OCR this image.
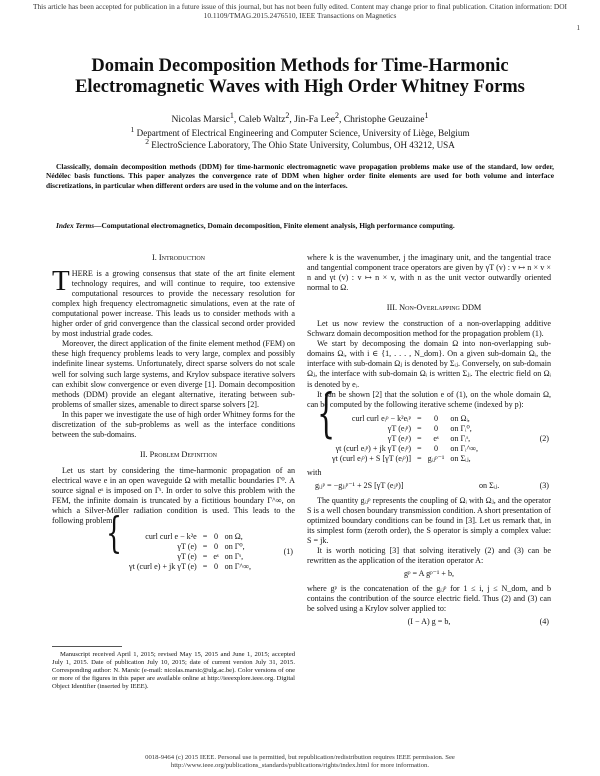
This article has been accepted for publication in a future issue of this journal, but has not been fully edited. Content may change prior to final publication. Citation information: DOI
10.1109/TMAG.2015.2476510, IEEE Transactions on Magnetics
1
Domain Decomposition Methods for Time-Harmonic Electromagnetic Waves with High Order Whitney Forms
Nicolas Marsic$^1$, Caleb Waltz$^2$, Jin-Fa Lee$^2$, Christophe Geuzaine$^1$
$^1$ Department of Electrical Engineering and Computer Science, University of Liège, Belgium
$^2$ ElectroScience Laboratory, The Ohio State University, Columbus, OH 43212, USA
Classically, domain decomposition methods (DDM) for time-harmonic electromagnetic wave propagation problems make use of the standard, low order, Nédélec basis functions. This paper analyzes the convergence rate of DDM when higher order finite elements are used for both volume and interface discretizations, in particular when different orders are used in the volume and on the interfaces.
Index Terms—Computational electromagnetics, Domain decomposition, Finite element analysis, High performance computing.

I. Introduction

THERE is a growing consensus that state of the art finite element technology requires, and will continue to require, too extensive computational resources to provide the necessary resolution for complex high frequency electromagnetic simulations, even at the rate of computational power increase. This leads us to consider methods with a higher order of grid convergence than the classical second order provided by most industrial grade codes.

Moreover, the direct application of the finite element method (FEM) on these high frequency problems leads to very large, complex and possibly indefinite linear systems. Unfortunately, direct sparse solvers do not scale well for solving such large systems, and Krylov subspace iterative solvers can exhibit slow convergence or even diverge [1]. Domain decomposition methods (DDM) provide an elegant alternative, iterating between sub-problems of smaller sizes, amenable to direct sparse solvers [2].

In this paper we investigate the use of high order Whitney forms for the discretization of the sub-problems as well as the interface conditions between the sub-domains.

II. Problem Definition

Let us start by considering the time-harmonic propagation of an electrical wave e in an open waveguide Ω with metallic boundaries Γ⁰. A source signal eˢ is imposed on Γˢ. In order to solve this problem with the FEM, the infinite domain is truncated by a fictitious boundary Γ^∞, on which a Silver-Müller radiation condition is used. This leads to the following problem:

{	curl curl e − k²e	=	0	on Ω,
γT (e)	=	0	on Γ⁰,
γT (e)	=	eˢ	on Γˢ,
γt (curl e) + jk γT (e)	=	0	on Γ^∞,
(1)
Manuscript received April 1, 2015; revised May 15, 2015 and June 1, 2015; accepted July 1, 2015. Date of publication July 10, 2015; date of current version July 31, 2015. Corresponding author: N. Marsic (e-mail: nicolas.marsic@ulg.ac.be). Color versions of one or more of the figures in this paper are available online at http://ieeexplore.ieee.org. Digital Object Identifier (inserted by IEEE).

where k is the wavenumber, j the imaginary unit, and the tangential trace and tangential component trace operators are given by γT (v) : v ↦ n × v × n and γt (v) : v ↦ n × v, with n as the unit vector outwardly oriented normal to Ω.

III. Non-Overlapping DDM

Let us now review the construction of a non-overlapping additive Schwarz domain decomposition method for the propagation problem (1).

We start by decomposing the domain Ω into non-overlapping sub-domains Ωᵢ, with i ∈ {1, . . . , N_dom}. On a given sub-domain Ωᵢ, the interface with sub-domain Ωⱼ is denoted by Σᵢⱼ. Conversely, on sub-domain Ωⱼ, the interface with sub-domain Ωᵢ is written Σⱼᵢ. The electric field on Ωᵢ is denoted by eᵢ.

It can be shown [2] that the solution e of (1), on the whole domain Ω, can be computed by the following iterative scheme (indexed by p):

{ curl curl eᵢᵖ − k²eᵢᵖ	=	0	on Ωᵢ,
γT (eᵢᵖ)	=	0	on Γᵢ⁰,
γT (eᵢᵖ)	=	eˢ	on Γᵢˢ,
γt (curl eᵢᵖ) + jk γT (eᵢᵖ)	=	0	on Γᵢ^∞,
γt (curl eᵢᵖ) + S [γT (eᵢᵖ)]	=	gᵢⱼᵖ⁻¹	on Σᵢⱼ,
(2)

with

gᵢⱼᵖ = −gⱼᵢᵖ⁻¹ + 2S [γT (eⱼᵖ)]	on Σᵢⱼ.	(3)

The quantity gᵢⱼᵖ represents the coupling of Ωᵢ with Ωⱼ, and the operator S is a well chosen boundary transmission condition. A short presentation of optimized boundary conditions can be found in [3]. Let us remark that, in its simplest form (zeroth order), the S operator is simply a complex value: S = jk.

It is worth noticing [3] that solving iteratively (2) and (3) can be rewritten as the application of the iteration operator A:

gᵖ = A gᵖ⁻¹ + b,

where gᵖ is the concatenation of the gᵢⱼᵖ for 1 ≤ i, j ≤ N_dom, and b contains the contribution of the source electric field. Thus (2) and (3) can be solved using a Krylov solver applied to:

(I − A) g = b,	(4)
0018-9464 (c) 2015 IEEE. Personal use is permitted, but republication/redistribution requires IEEE permission. See
http://www.ieee.org/publications_standards/publications/rights/index.html for more information.
